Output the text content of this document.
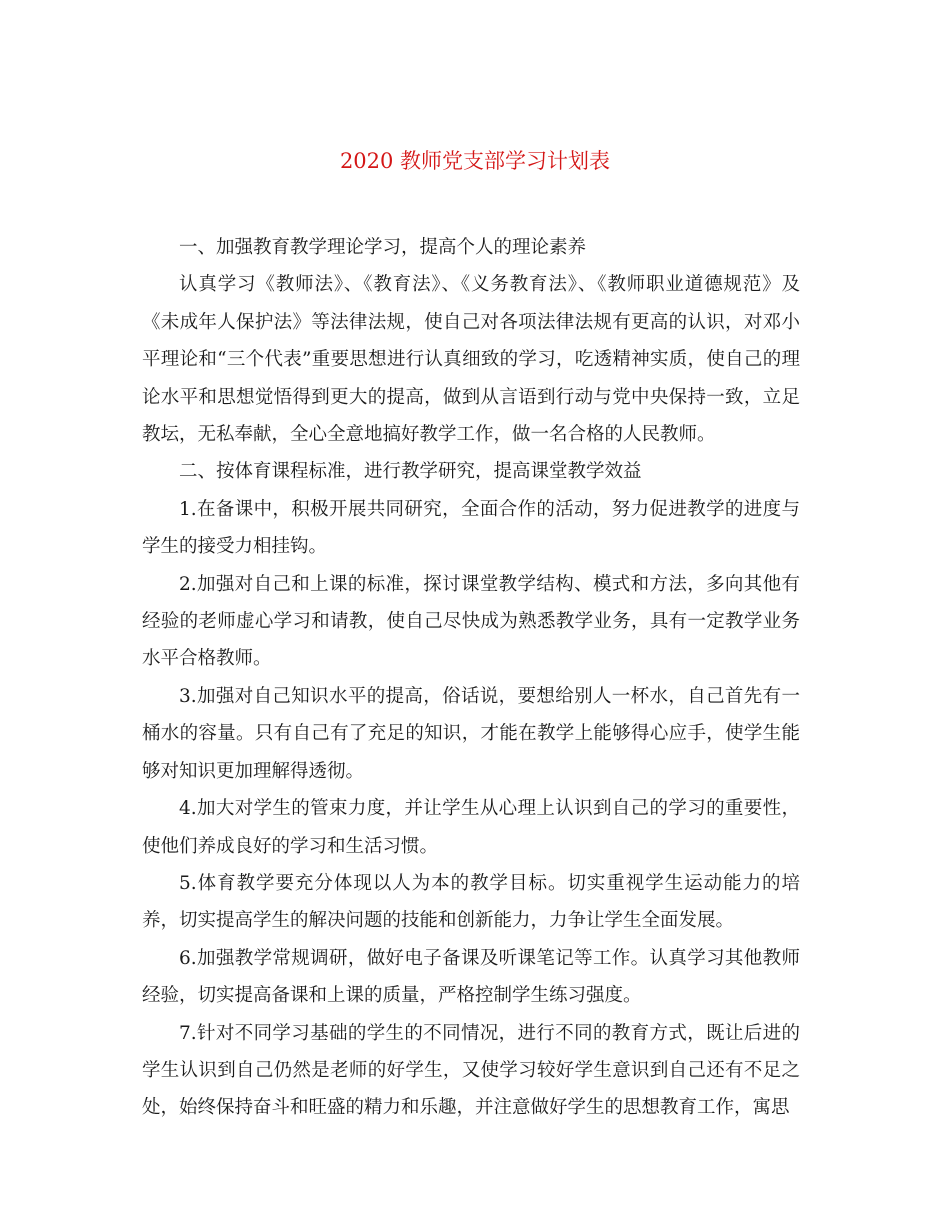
2020 教师党支部学习计划表

一、加强教育教学理论学习，提高个人的理论素养

认真学习《教师法》、《教育法》、《义务教育法》、《教师职业道德规范》及《未成年人保护法》等法律法规，使自己对各项法律法规有更高的认识，对邓小平理论和“三个代表”重要思想进行认真细致的学习，吃透精神实质，使自己的理论水平和思想觉悟得到更大的提高，做到从言语到行动与党中央保持一致，立足教坛，无私奉献，全心全意地搞好教学工作，做一名合格的人民教师。

二、按体育课程标准，进行教学研究，提高课堂教学效益

1.在备课中，积极开展共同研究，全面合作的活动，努力促进教学的进度与学生的接受力相挂钩。

2.加强对自己和上课的标准，探讨课堂教学结构、模式和方法，多向其他有经验的老师虚心学习和请教，使自己尽快成为熟悉教学业务，具有一定教学业务水平合格教师。

3.加强对自己知识水平的提高，俗话说，要想给别人一杯水，自己首先有一桶水的容量。只有自己有了充足的知识，才能在教学上能够得心应手，使学生能够对知识更加理解得透彻。

4.加大对学生的管束力度，并让学生从心理上认识到自己的学习的重要性，使他们养成良好的学习和生活习惯。

5.体育教学要充分体现以人为本的教学目标。切实重视学生运动能力的培养，切实提高学生的解决问题的技能和创新能力，力争让学生全面发展。

6.加强教学常规调研，做好电子备课及听课笔记等工作。认真学习其他教师经验，切实提高备课和上课的质量，严格控制学生练习强度。

7.针对不同学习基础的学生的不同情况，进行不同的教育方式，既让后进的学生认识到自己仍然是老师的好学生，又使学习较好学生意识到自己还有不足之处，始终保持奋斗和旺盛的精力和乐趣，并注意做好学生的思想教育工作，寓思
